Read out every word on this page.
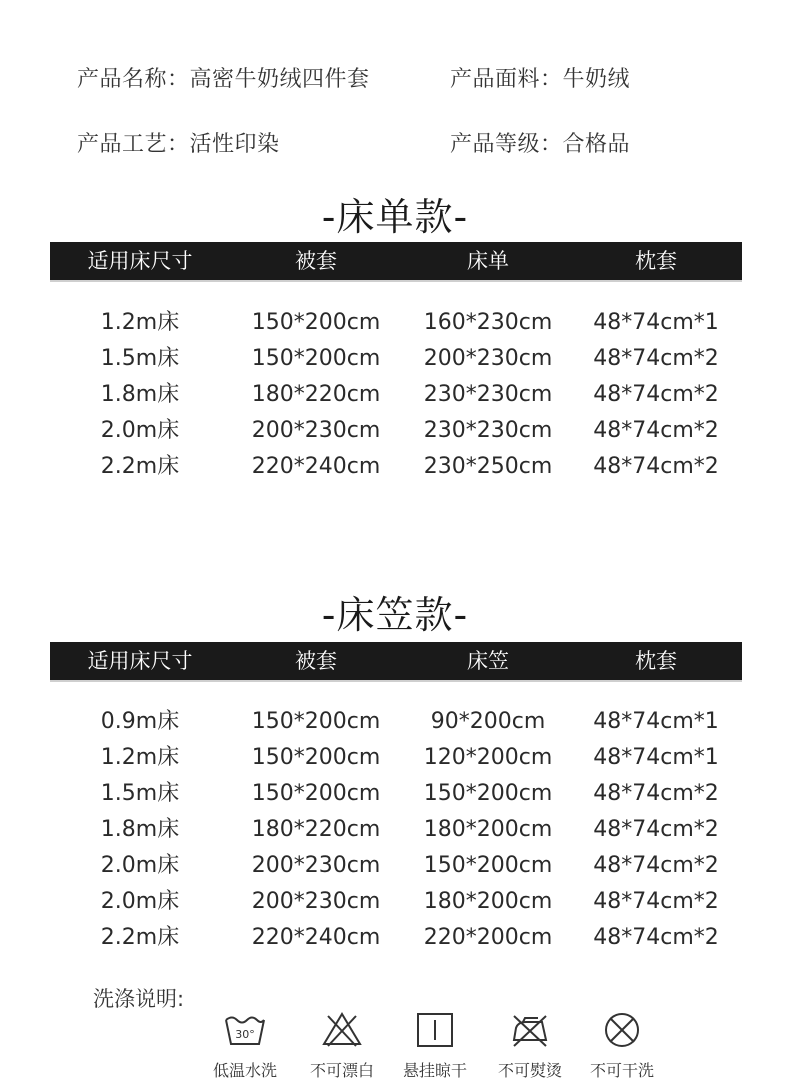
产品名称：高密牛奶绒四件套	产品面料：牛奶绒
产品工艺：活性印染	产品等级：合格品
-床单款-
适用床尺寸	被套	床单	枕套
1.2m床	150*200cm	160*230cm	48*74cm*1
1.5m床	150*200cm	200*230cm	48*74cm*2
1.8m床	180*220cm	230*230cm	48*74cm*2
2.0m床	200*230cm	230*230cm	48*74cm*2
2.2m床	220*240cm	230*250cm	48*74cm*2
-床笠款-
适用床尺寸	被套	床笠	枕套
0.9m床	150*200cm	90*200cm	48*74cm*1
1.2m床	150*200cm	120*200cm	48*74cm*1
1.5m床	150*200cm	150*200cm	48*74cm*2
1.8m床	180*220cm	180*200cm	48*74cm*2
2.0m床	200*230cm	150*200cm	48*74cm*2
2.0m床	200*230cm	180*200cm	48*74cm*2
2.2m床	220*240cm	220*200cm	48*74cm*2
洗涤说明:
30°
低温水洗	不可漂白	悬挂晾干	不可熨烫	不可干洗
